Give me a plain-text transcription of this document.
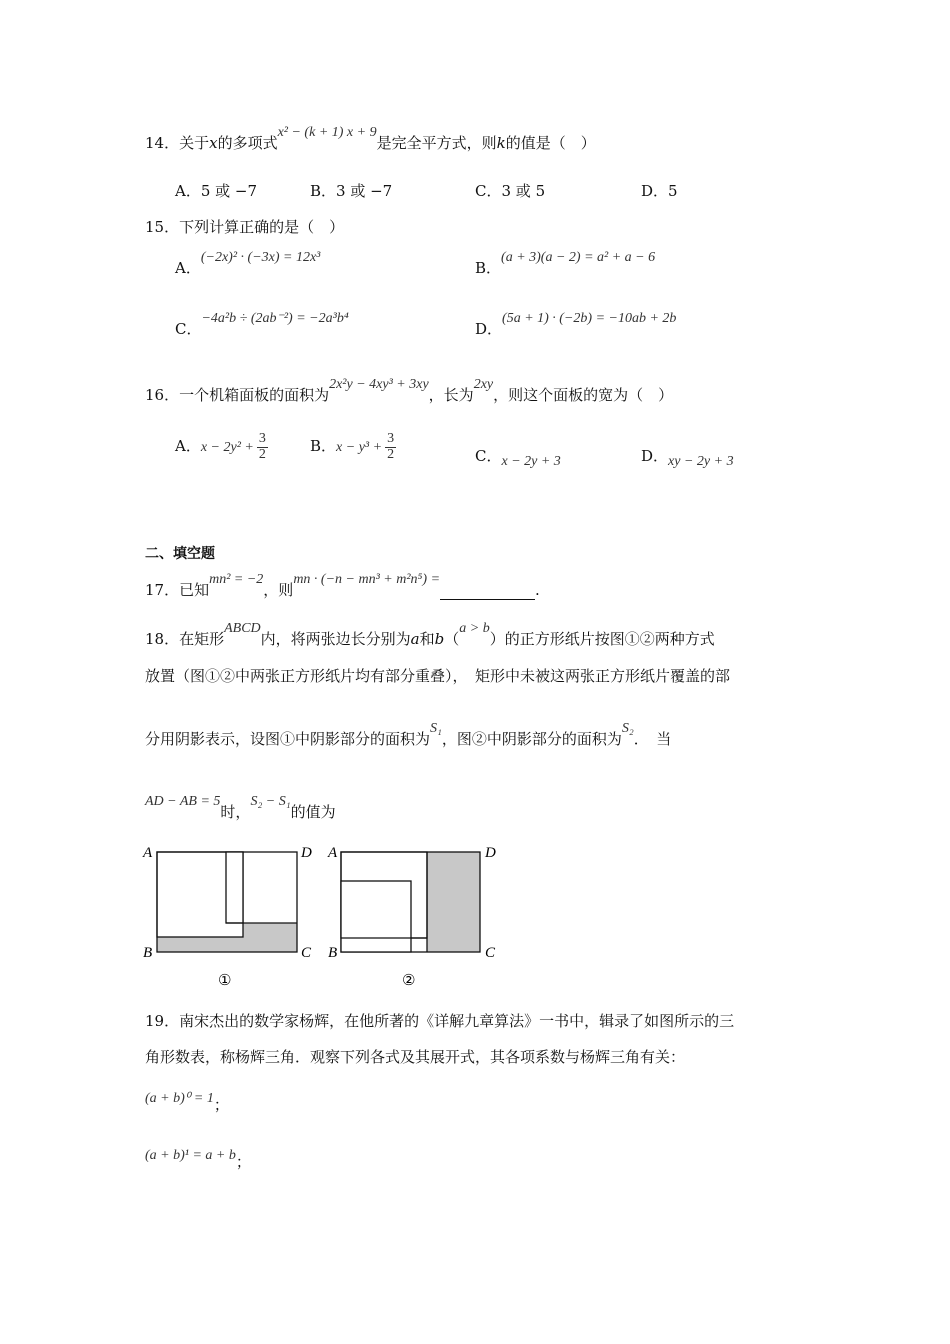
14．关于x的多项式x² − (k + 1) x + 9是完全平方式，则k的值是（　）
A．5 或 −7	B．3 或 −7	C．3 或 5	D．5
15．下列计算正确的是（　）
A．(−2x)² · (−3x) = 12x³
B．(a + 3)(a − 2) = a² + a − 6
C．−4a²b ÷ (2ab⁻²) = −2a³b⁴
D．(5a + 1) · (−2b) = −10ab + 2b
16．一个机箱面板的面积为2x²y − 4xy³ + 3xy，长为2xy，则这个面板的宽为（　）
A．$x - 2y^2 + \frac{3}{2}$	B．$x - y^3 + \frac{3}{2}$	C．x − 2y + 3	D．xy − 2y + 3
二、填空题
17．已知mn² = −2，则mn · (−n − mn³ + m²n⁵) =.
18．在矩形ABCD内，将两张边长分别为a和b（a > b）的正方形纸片按图①②两种方式
放置（图①②中两张正方形纸片均有部分重叠），　矩形中未被这两张正方形纸片覆盖的部
分用阴影表示，设图①中阴影部分的面积为S₁，图②中阴影部分的面积为S₂．　当
AD − AB = 5时，S₂ − S₁的值为
A	D
B	C
①
A	D
B	C
②
19．南宋杰出的数学家杨辉，在他所著的《详解九章算法》一书中，辑录了如图所示的三
角形数表，称杨辉三角．观察下列各式及其展开式，其各项系数与杨辉三角有关：
(a + b)⁰ = 1；
(a + b)¹ = a + b；
